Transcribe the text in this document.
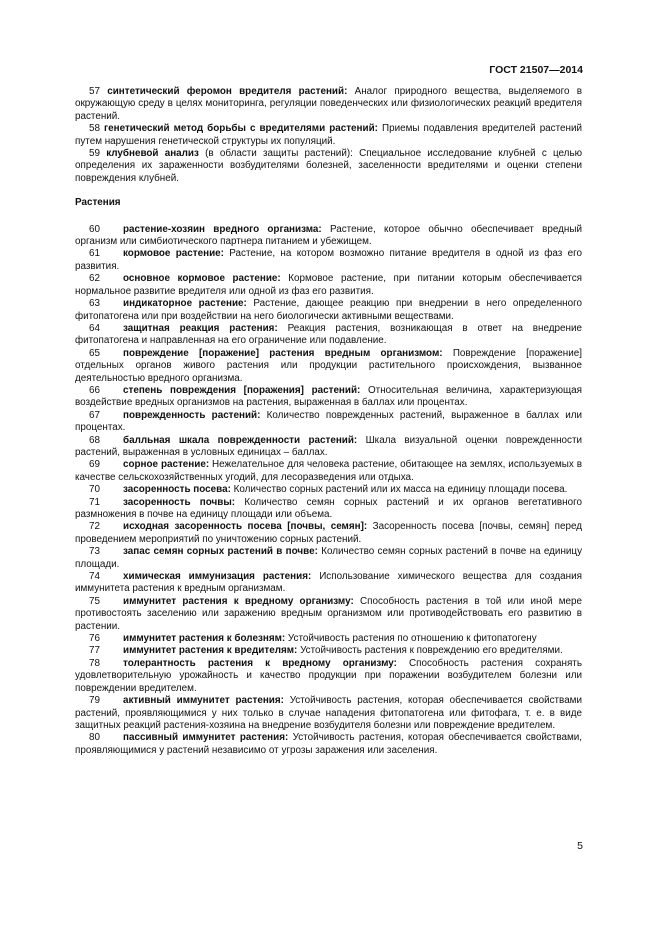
ГОСТ 21507—2014

57 синтетический феромон вредителя растений: Аналог природного вещества, выделяемого в окружающую среду в целях мониторинга, регуляции поведенческих или физиологических реакций вредителя растений.

58 генетический метод борьбы с вредителями растений: Приемы подавления вредителей растений путем нарушения генетической структуры их популяций.

59 клубневой анализ (в области защиты растений): Специальное исследование клубней с целью определения их зараженности возбудителями болезней, заселенности вредителями и оценки степени повреждения клубней.

Растения

60 растение-хозяин вредного организма: Растение, которое обычно обеспечивает вредный организм или симбиотического партнера питанием и убежищем.

61 кормовое растение: Растение, на котором возможно питание вредителя в одной из фаз его развития.

62 основное кормовое растение: Кормовое растение, при питании которым обеспечивается нормальное развитие вредителя или одной из фаз его развития.

63 индикаторное растение: Растение, дающее реакцию при внедрении в него определенного фитопатогена или при воздействии на него биологически активными веществами.

64 защитная реакция растения: Реакция растения, возникающая в ответ на внедрение фитопатогена и направленная на его ограничение или подавление.

65 повреждение [поражение] растения вредным организмом: Повреждение [поражение] отдельных органов живого растения или продукции растительного происхождения, вызванное деятельностью вредного организма.

66 степень повреждения [поражения] растений: Относительная величина, характеризующая воздействие вредных организмов на растения, выраженная в баллах или процентах.

67 поврежденность растений: Количество поврежденных растений, выраженное в баллах или процентах.

68 балльная шкала поврежденности растений: Шкала визуальной оценки поврежденности растений, выраженная в условных единицах – баллах.

69 сорное растение: Нежелательное для человека растение, обитающее на землях, используемых в качестве сельскохозяйственных угодий, для лесоразведения или отдыха.

70 засоренность посева: Количество сорных растений или их масса на единицу площади посева.

71 засоренность почвы: Количество семян сорных растений и их органов вегетативного размножения в почве на единицу площади или объема.

72 исходная засоренность посева [почвы, семян]: Засоренность посева [почвы, семян] перед проведением мероприятий по уничтожению сорных растений.

73 запас семян сорных растений в почве: Количество семян сорных растений в почве на единицу площади.

74 химическая иммунизация растения: Использование химического вещества для создания иммунитета растения к вредным организмам.

75 иммунитет растения к вредному организму: Способность растения в той или иной мере противостоять заселению или заражению вредным организмом или противодействовать его развитию в растении.

76 иммунитет растения к болезням: Устойчивость растения по отношению к фитопатогену

77 иммунитет растения к вредителям: Устойчивость растения к повреждению его вредителями.

78 толерантность растения к вредному организму: Способность растения сохранять удовлетворительную урожайность и качество продукции при поражении возбудителем болезни или повреждении вредителем.

79 активный иммунитет растения: Устойчивость растения, которая обеспечивается свойствами растений, проявляющимися у них только в случае нападения фитопатогена или фитофага, т. е. в виде защитных реакций растения-хозяина на внедрение возбудителя болезни или повреждение вредителем.

80 пассивный иммунитет растения: Устойчивость растения, которая обеспечивается свойствами, проявляющимися у растений независимо от угрозы заражения или заселения.

5
